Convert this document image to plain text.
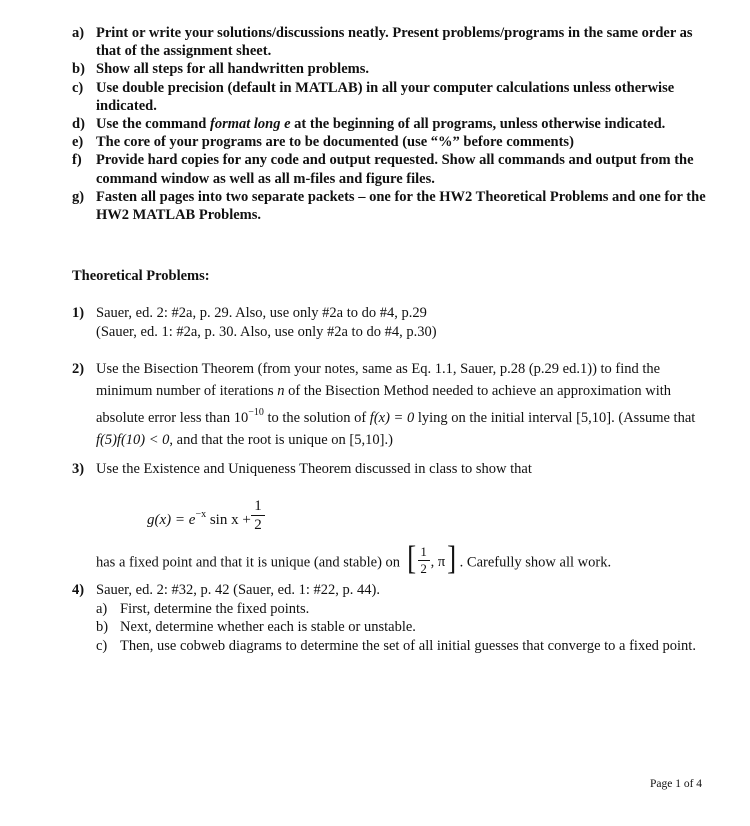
a) Print or write your solutions/discussions neatly. Present problems/programs in the same order as that of the assignment sheet.
b) Show all steps for all handwritten problems.
c) Use double precision (default in MATLAB) in all your computer calculations unless otherwise indicated.
d) Use the command format long e at the beginning of all programs, unless otherwise indicated.
e) The core of your programs are to be documented (use “%” before comments)
f) Provide hard copies for any code and output requested. Show all commands and output from the command window as well as all m-files and figure files.
g) Fasten all pages into two separate packets – one for the HW2 Theoretical Problems and one for the HW2 MATLAB Problems.
Theoretical Problems:
1) Sauer, ed. 2: #2a, p. 29. Also, use only #2a to do #4, p.29
(Sauer, ed. 1: #2a, p. 30. Also, use only #2a to do #4, p.30)
2) Use the Bisection Theorem (from your notes, same as Eq. 1.1, Sauer, p.28 (p.29 ed.1)) to find the minimum number of iterations n of the Bisection Method needed to achieve an approximation with absolute error less than $10^{-10}$ to the solution of f(x) = 0 lying on the initial interval [5,10]. (Assume that f(5)f(10) < 0, and that the root is unique on [5,10].)
3) Use the Existence and Uniqueness Theorem discussed in class to show that
$g(x) = e^{-x}$ sin x +
1
2
has a fixed point and that it is unique (and stable) on [ 1
2 , π ] . Carefully show all work.
4) Sauer, ed. 2: #32, p. 42 (Sauer, ed. 1: #22, p. 44).
a) First, determine the fixed points.
b) Next, determine whether each is stable or unstable.
c) Then, use cobweb diagrams to determine the set of all initial guesses that converge to a fixed point.
Page 1 of 4
